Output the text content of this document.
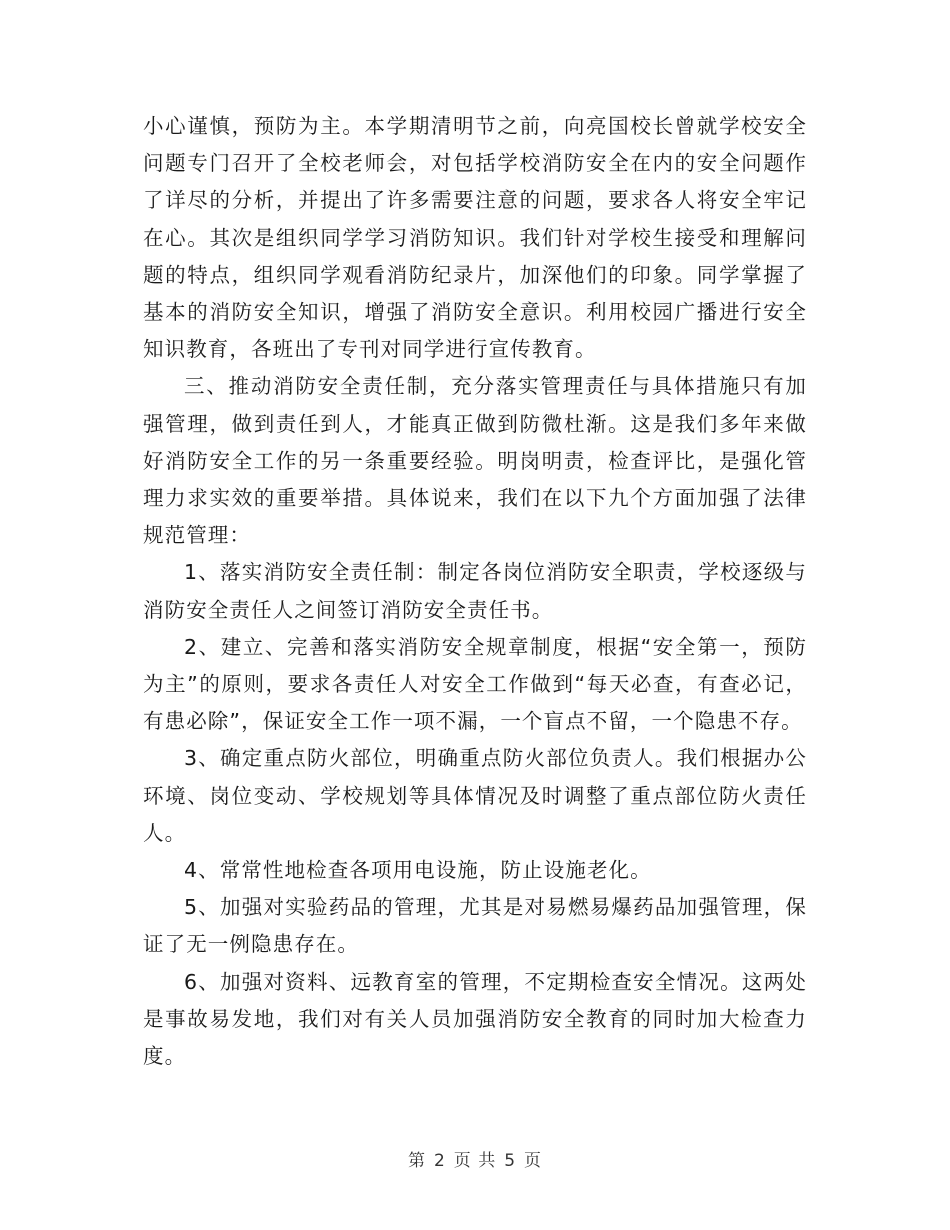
小心谨慎，预防为主。本学期清明节之前，向亮国校长曾就学校安全问题专门召开了全校老师会，对包括学校消防安全在内的安全问题作了详尽的分析，并提出了许多需要注意的问题，要求各人将安全牢记在心。其次是组织同学学习消防知识。我们针对学校生接受和理解问题的特点，组织同学观看消防纪录片，加深他们的印象。同学掌握了基本的消防安全知识，增强了消防安全意识。利用校园广播进行安全知识教育，各班出了专刊对同学进行宣传教育。

三、推动消防安全责任制，充分落实管理责任与具体措施只有加强管理，做到责任到人，才能真正做到防微杜渐。这是我们多年来做好消防安全工作的另一条重要经验。明岗明责，检查评比，是强化管理力求实效的重要举措。具体说来，我们在以下九个方面加强了法律规范管理：

1、落实消防安全责任制：制定各岗位消防安全职责，学校逐级与消防安全责任人之间签订消防安全责任书。

2、建立、完善和落实消防安全规章制度，根据“安全第一，预防为主”的原则，要求各责任人对安全工作做到“每天必查，有查必记，有患必除”，保证安全工作一项不漏，一个盲点不留，一个隐患不存。

3、确定重点防火部位，明确重点防火部位负责人。我们根据办公环境、岗位变动、学校规划等具体情况及时调整了重点部位防火责任人。

4、常常性地检查各项用电设施，防止设施老化。

5、加强对实验药品的管理，尤其是对易燃易爆药品加强管理，保证了无一例隐患存在。

6、加强对资料、远教育室的管理，不定期检查安全情况。这两处是事故易发地，我们对有关人员加强消防安全教育的同时加大检查力度。

第 2 页 共 5 页
